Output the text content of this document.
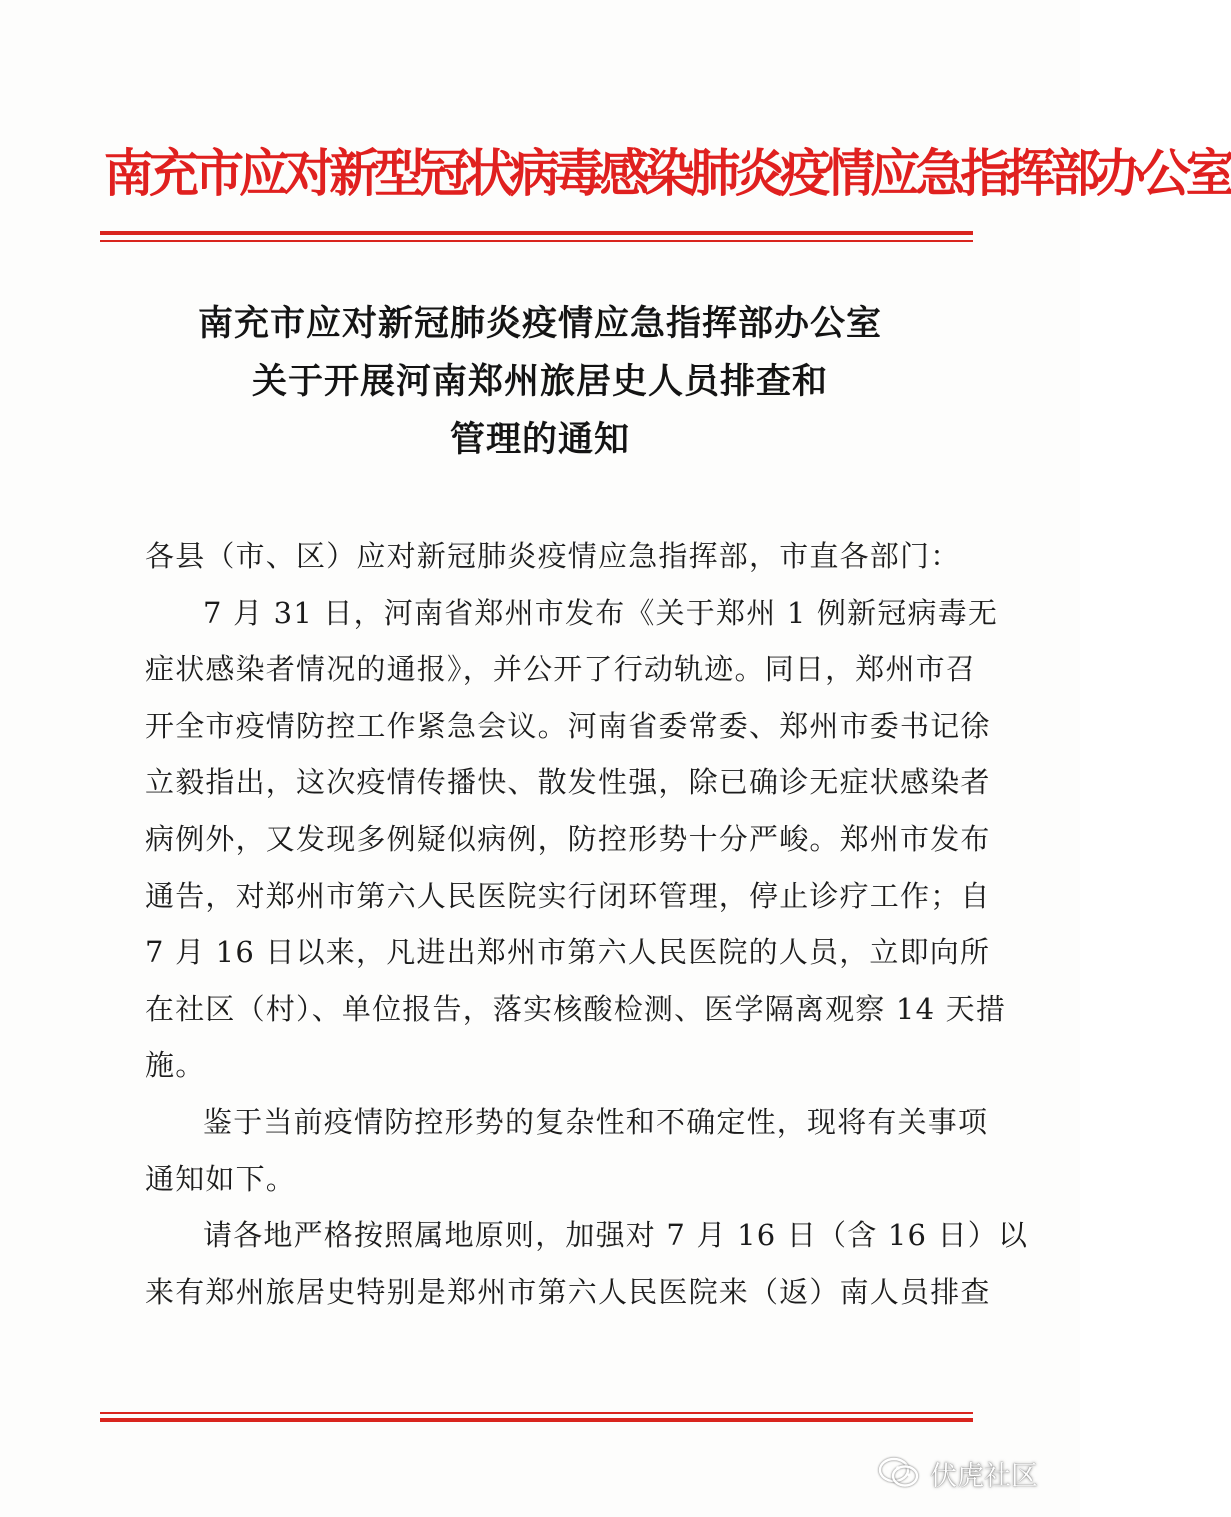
南充市应对新型冠状病毒感染肺炎疫情应急指挥部办公室
南充市应对新冠肺炎疫情应急指挥部办公室
关于开展河南郑州旅居史人员排查和
管理的通知

各县（市、区）应对新冠肺炎疫情应急指挥部，市直各部门：

7 月 31 日，河南省郑州市发布《关于郑州 1 例新冠病毒无
症状感染者情况的通报》，并公开了行动轨迹。同日，郑州市召
开全市疫情防控工作紧急会议。河南省委常委、郑州市委书记徐
立毅指出，这次疫情传播快、散发性强，除已确诊无症状感染者
病例外，又发现多例疑似病例，防控形势十分严峻。郑州市发布
通告，对郑州市第六人民医院实行闭环管理，停止诊疗工作；自
7 月 16 日以来，凡进出郑州市第六人民医院的人员，立即向所
在社区（村）、单位报告，落实核酸检测、医学隔离观察 14 天措
施。

鉴于当前疫情防控形势的复杂性和不确定性，现将有关事项
通知如下。

请各地严格按照属地原则，加强对 7 月 16 日（含 16 日）以
来有郑州旅居史特别是郑州市第六人民医院来（返）南人员排查

伏虎社区
